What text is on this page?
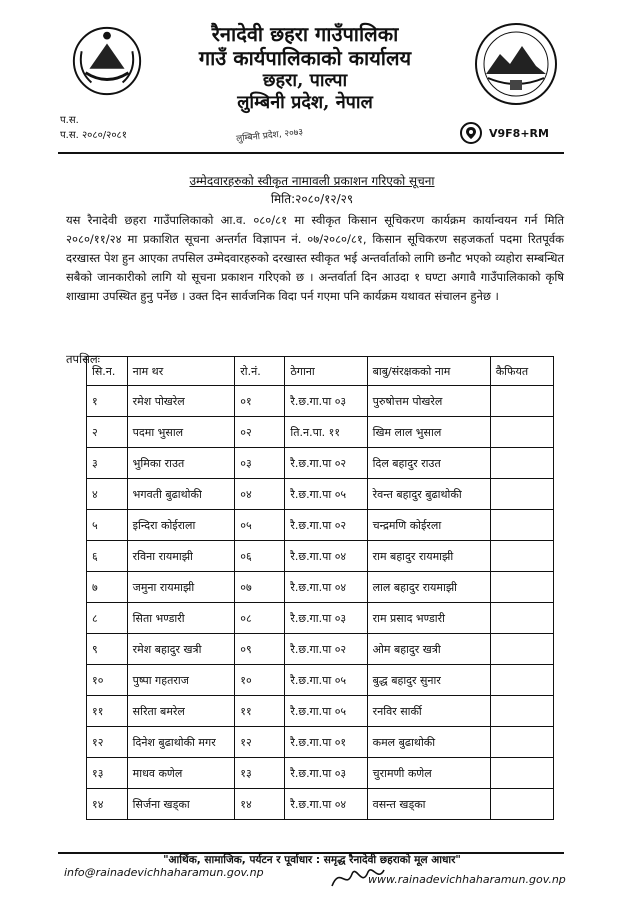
रैनादेवी छहरा गाउँपालिका
गाउँ कार्यपालिकाको कार्यालय
छहरा, पाल्पा
लुम्बिनी प्रदेश, नेपाल
लुम्बिनी प्रदेश, २०७३
प.स.
प.स. २०८०/२०८१	V9F8+RM
उम्मेदवारहरुको स्वीकृत नामावली प्रकाशन गरिएको सूचना
मिति:२०८०/१२/२९
यस रैनादेवी छहरा गाउँपालिकाको आ.व. ०८०/८१ मा स्वीकृत किसान सूचिकरण कार्यक्रम कार्यान्वयन गर्न मिति २०८०/११/२४ मा प्रकाशित सूचना अन्तर्गत विज्ञापन नं. ०७/२०८०/८१, किसान सूचिकरण सहजकर्ता पदमा रितपूर्वक दरखास्त पेश हुन आएका तपसिल उम्मेदवारहरुको दरखास्त स्वीकृत भई अन्तर्वार्ताको लागि छनौट भएको व्यहोरा सम्बन्धित सबैको जानकारीको लागि यो सूचना प्रकाशन गरिएको छ । अन्तर्वार्ता दिन आउदा १ घण्टा अगावै गाउँपालिकाको कृषि शाखामा उपस्थित हुनु पर्नेछ । उक्त दिन सार्वजनिक विदा पर्न गएमा पनि कार्यक्रम यथावत संचालन हुनेछ ।
तपसिलः
सि.न.	नाम थर	रो.नं.	ठेगाना	बाबु/संरक्षकको नाम	कैफियत
१	रमेश पोखरेल	०१	रै.छ.गा.पा ०३	पुरुषोत्तम पोखरेल	
२	पदमा भुसाल	०२	ति.न.पा. ११	खिम लाल भुसाल	
३	भुमिका राउत	०३	रै.छ.गा.पा ०२	दिल बहादुर राउत	
४	भगवती बुढाथोकी	०४	रै.छ.गा.पा ०५	रेवन्त बहादुर बुढाथोकी	
५	इन्दिरा कोईराला	०५	रै.छ.गा.पा ०२	चन्द्रमणि कोईरला	
६	रविना रायमाझी	०६	रै.छ.गा.पा ०४	राम बहादुर रायमाझी	
७	जमुना रायमाझी	०७	रै.छ.गा.पा ०४	लाल बहादुर रायमाझी	
८	सिता भण्डारी	०८	रै.छ.गा.पा ०३	राम प्रसाद भण्डारी	
९	रमेश बहादुर खत्री	०९	रै.छ.गा.पा ०२	ओम बहादुर खत्री	
१०	पुष्पा गहतराज	१०	रै.छ.गा.पा ०५	बुद्ध बहादुर सुनार	
११	सरिता बमरेल	११	रै.छ.गा.पा ०५	रनविर सार्की	
१२	दिनेश बुढाथोकी मगर	१२	रै.छ.गा.पा ०१	कमल बुढाथोकी	
१३	माधव कणेल	१३	रै.छ.गा.पा ०३	चुरामणी कणेल	
१४	सिर्जना खड्का	१४	रै.छ.गा.पा ०४	वसन्त खड्का	
"आर्थिक, सामाजिक, पर्यटन र पूर्वाधार : समृद्ध रैनादेवी छहराको मूल आधार"
info@rainadevichhaharamun.gov.np
www.rainadevichhaharamun.gov.np
